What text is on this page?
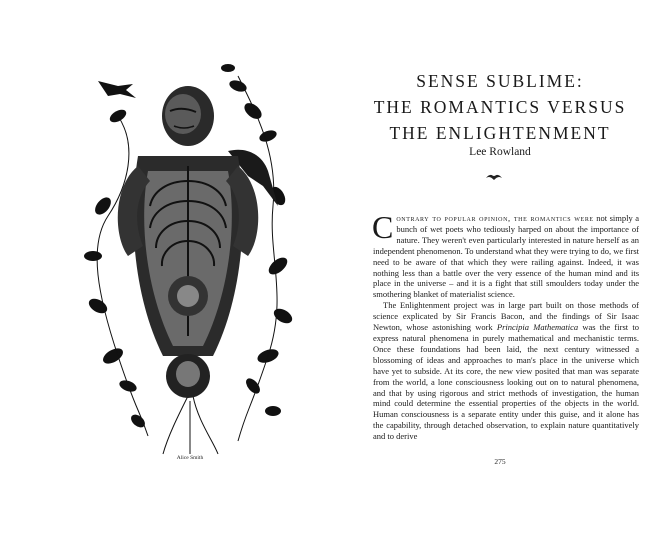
Alice Smith
SENSE SUBLIME:
THE ROMANTICS VERSUS
THE ENLIGHTENMENT
Lee Rowland

Contrary to popular opinion, the romantics were not simply a bunch of wet poets who tediously harped on about the importance of nature. They weren't even particularly interested in nature herself as an independent phenomenon. To understand what they were trying to do, we first need to be aware of that which they were railing against. Indeed, it was nothing less than a battle over the very essence of the human mind and its place in the universe – and it is a fight that still smoulders today under the smothering blanket of materialist science.

The Enlightenment project was in large part built on those methods of science explicated by Sir Francis Bacon, and the findings of Sir Isaac Newton, whose astonishing work Principia Mathematica was the first to express natural phenomena in purely mathematical and mechanistic terms. Once these foundations had been laid, the next century witnessed a blossoming of ideas and approaches to man's place in the universe which have yet to subside. At its core, the new view posited that man was separate from the world, a lone consciousness looking out on to natural phenomena, and that by using rigorous and strict methods of investigation, the human mind could determine the essential properties of the objects in the world. Human consciousness is a separate entity under this guise, and it alone has the capability, through detached observation, to explain nature quantitatively and to derive

275
